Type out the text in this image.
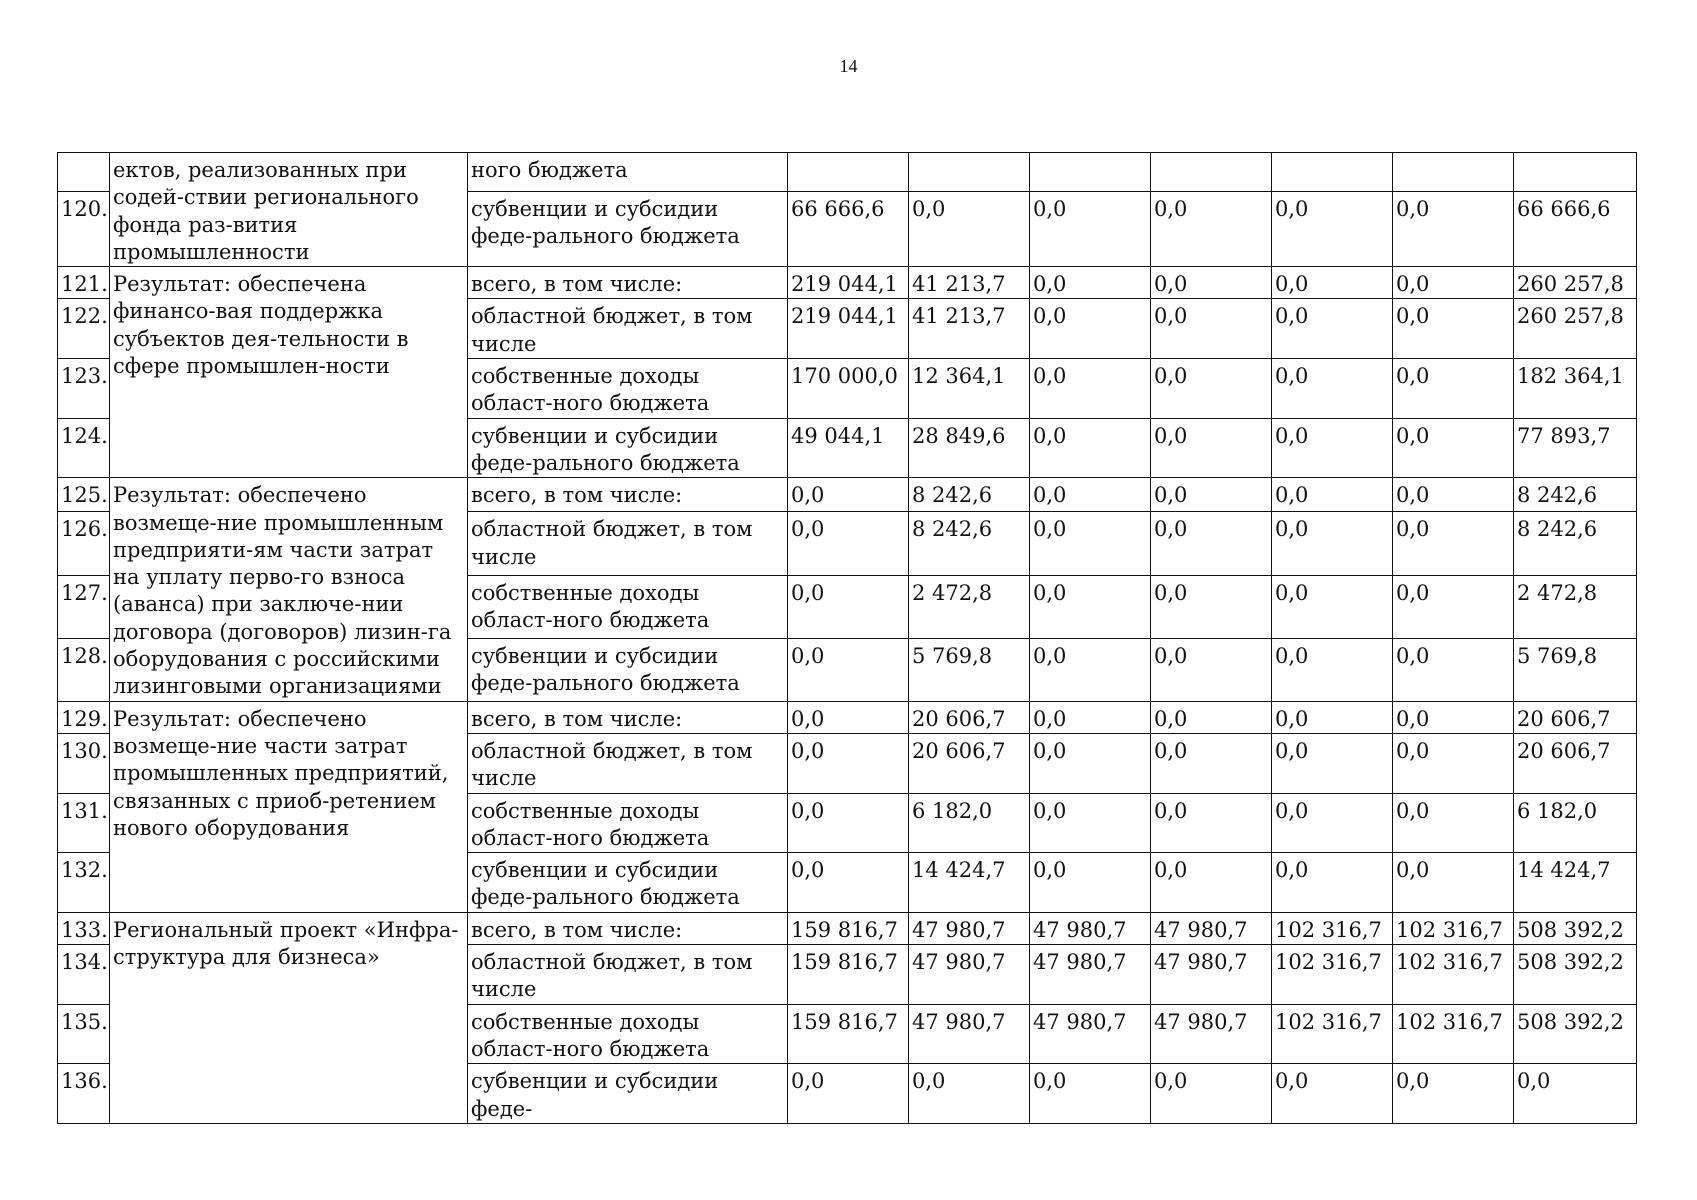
14
	ектов, реализованных при содей-ствии регионального фонда раз-вития промышленности	ного бюджета							
120.		субвенции и субсидии феде-рального бюджета	66 666,6	0,0	0,0	0,0	0,0	0,0	66 666,6
121.	Результат: обеспечена финансо-вая поддержка субъектов дея-тельности в сфере промышлен-ности	всего, в том числе:	219 044,1	41 213,7	0,0	0,0	0,0	0,0	260 257,8
122.		областной бюджет, в том числе	219 044,1	41 213,7	0,0	0,0	0,0	0,0	260 257,8
123.		собственные доходы област-ного бюджета	170 000,0	12 364,1	0,0	0,0	0,0	0,0	182 364,1
124.		субвенции и субсидии феде-рального бюджета	49 044,1	28 849,6	0,0	0,0	0,0	0,0	77 893,7
125.	Результат: обеспечено возмеще-ние промышленным предприяти-ям части затрат на уплату перво-го взноса (аванса) при заключе-нии договора (договоров) лизин-га оборудования с российскими лизинговыми организациями	всего, в том числе:	0,0	8 242,6	0,0	0,0	0,0	0,0	8 242,6
126.		областной бюджет, в том числе	0,0	8 242,6	0,0	0,0	0,0	0,0	8 242,6
127.		собственные доходы област-ного бюджета	0,0	2 472,8	0,0	0,0	0,0	0,0	2 472,8
128.		субвенции и субсидии феде-рального бюджета	0,0	5 769,8	0,0	0,0	0,0	0,0	5 769,8
129.	Результат: обеспечено возмеще-ние части затрат промышленных предприятий, связанных с приоб-ретением нового оборудования	всего, в том числе:	0,0	20 606,7	0,0	0,0	0,0	0,0	20 606,7
130.		областной бюджет, в том числе	0,0	20 606,7	0,0	0,0	0,0	0,0	20 606,7
131.		собственные доходы област-ного бюджета	0,0	6 182,0	0,0	0,0	0,0	0,0	6 182,0
132.		субвенции и субсидии феде-рального бюджета	0,0	14 424,7	0,0	0,0	0,0	0,0	14 424,7
133.	Региональный проект «Инфра-структура для бизнеса»	всего, в том числе:	159 816,7	47 980,7	47 980,7	47 980,7	102 316,7	102 316,7	508 392,2
134.		областной бюджет, в том числе	159 816,7	47 980,7	47 980,7	47 980,7	102 316,7	102 316,7	508 392,2
135.		собственные доходы област-ного бюджета	159 816,7	47 980,7	47 980,7	47 980,7	102 316,7	102 316,7	508 392,2
136.		субвенции и субсидии феде-	0,0	0,0	0,0	0,0	0,0	0,0	0,0
